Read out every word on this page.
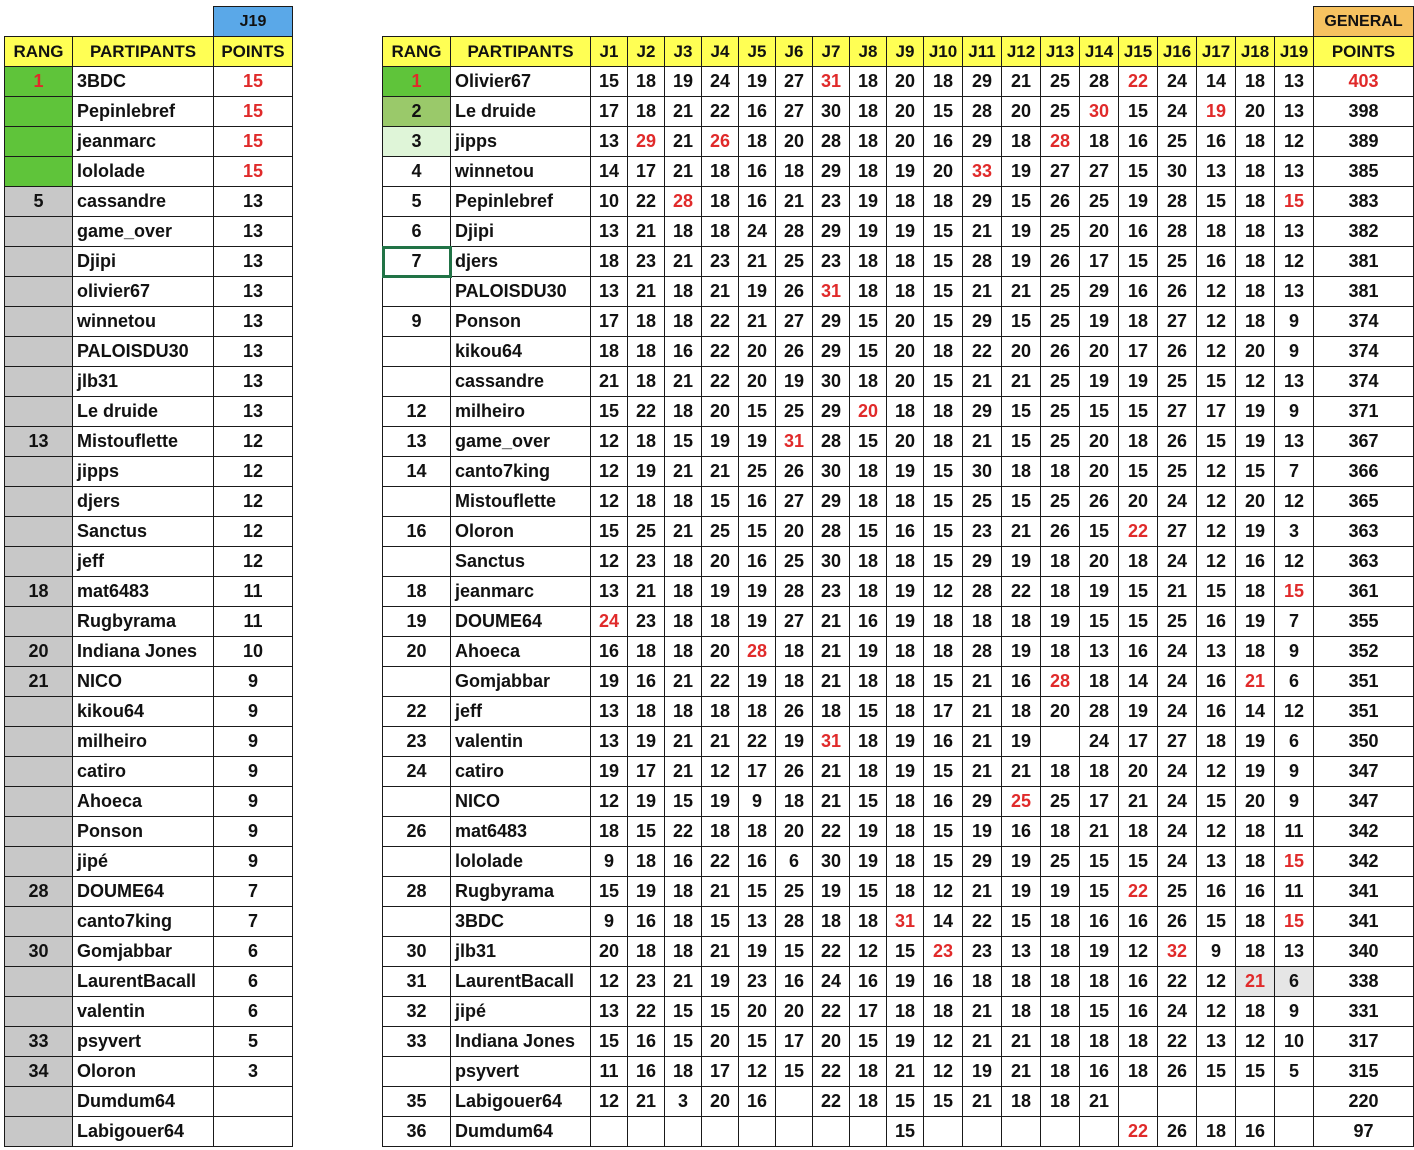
		J19
RANG	PARTIPANTS	POINTS
1	3BDC	15
	Pepinlebref	15
	jeanmarc	15
	lololade	15
5	cassandre	13
	game_over	13
	Djipi	13
	olivier67	13
	winnetou	13
	PALOISDU30	13
	jlb31	13
	Le druide	13
13	Mistouflette	12
	jipps	12
	djers	12
	Sanctus	12
	jeff	12
18	mat6483	11
	Rugbyrama	11
20	Indiana Jones	10
21	NICO	9
	kikou64	9
	milheiro	9
	catiro	9
	Ahoeca	9
	Ponson	9
	jipé	9
28	DOUME64	7
	canto7king	7
30	Gomjabbar	6
	LaurentBacall	6
	valentin	6
33	psyvert	5
34	Oloron	3
	Dumdum64	
	Labigouer64	
																					GENERAL
RANG	PARTIPANTS	J1	J2	J3	J4	J5	J6	J7	J8	J9	J10	J11	J12	J13	J14	J15	J16	J17	J18	J19	POINTS
1	Olivier67	15	18	19	24	19	27	31	18	20	18	29	21	25	28	22	24	14	18	13	403
2	Le druide	17	18	21	22	16	27	30	18	20	15	28	20	25	30	15	24	19	20	13	398
3	jipps	13	29	21	26	18	20	28	18	20	16	29	18	28	18	16	25	16	18	12	389
4	winnetou	14	17	21	18	16	18	29	18	19	20	33	19	27	27	15	30	13	18	13	385
5	Pepinlebref	10	22	28	18	16	21	23	19	18	18	29	15	26	25	19	28	15	18	15	383
6	Djipi	13	21	18	18	24	28	29	19	19	15	21	19	25	20	16	28	18	18	13	382
7	djers	18	23	21	23	21	25	23	18	18	15	28	19	26	17	15	25	16	18	12	381
	PALOISDU30	13	21	18	21	19	26	31	18	18	15	21	21	25	29	16	26	12	18	13	381
9	Ponson	17	18	18	22	21	27	29	15	20	15	29	15	25	19	18	27	12	18	9	374
	kikou64	18	18	16	22	20	26	29	15	20	18	22	20	26	20	17	26	12	20	9	374
	cassandre	21	18	21	22	20	19	30	18	20	15	21	21	25	19	19	25	15	12	13	374
12	milheiro	15	22	18	20	15	25	29	20	18	18	29	15	25	15	15	27	17	19	9	371
13	game_over	12	18	15	19	19	31	28	15	20	18	21	15	25	20	18	26	15	19	13	367
14	canto7king	12	19	21	21	25	26	30	18	19	15	30	18	18	20	15	25	12	15	7	366
	Mistouflette	12	18	18	15	16	27	29	18	18	15	25	15	25	26	20	24	12	20	12	365
16	Oloron	15	25	21	25	15	20	28	15	16	15	23	21	26	15	22	27	12	19	3	363
	Sanctus	12	23	18	20	16	25	30	18	18	15	29	19	18	20	18	24	12	16	12	363
18	jeanmarc	13	21	18	19	19	28	23	18	19	12	28	22	18	19	15	21	15	18	15	361
19	DOUME64	24	23	18	18	19	27	21	16	19	18	18	18	19	15	15	25	16	19	7	355
20	Ahoeca	16	18	18	20	28	18	21	19	18	18	28	19	18	13	16	24	13	18	9	352
	Gomjabbar	19	16	21	22	19	18	21	18	18	15	21	16	28	18	14	24	16	21	6	351
22	jeff	13	18	18	18	18	26	18	15	18	17	21	18	20	28	19	24	16	14	12	351
23	valentin	13	19	21	21	22	19	31	18	19	16	21	19		24	17	27	18	19	6	350
24	catiro	19	17	21	12	17	26	21	18	19	15	21	21	18	18	20	24	12	19	9	347
	NICO	12	19	15	19	9	18	21	15	18	16	29	25	25	17	21	24	15	20	9	347
26	mat6483	18	15	22	18	18	20	22	19	18	15	19	16	18	21	18	24	12	18	11	342
	lololade	9	18	16	22	16	6	30	19	18	15	29	19	25	15	15	24	13	18	15	342
28	Rugbyrama	15	19	18	21	15	25	19	15	18	12	21	19	19	15	22	25	16	16	11	341
	3BDC	9	16	18	15	13	28	18	18	31	14	22	15	18	16	16	26	15	18	15	341
30	jlb31	20	18	18	21	19	15	22	12	15	23	23	13	18	19	12	32	9	18	13	340
31	LaurentBacall	12	23	21	19	23	16	24	16	19	16	18	18	18	18	16	22	12	21	6	338
32	jipé	13	22	15	15	20	20	22	17	18	18	21	18	18	15	16	24	12	18	9	331
33	Indiana Jones	15	16	15	20	15	17	20	15	19	12	21	21	18	18	18	22	13	12	10	317
	psyvert	11	16	18	17	12	15	22	18	21	12	19	21	18	16	18	26	15	15	5	315
35	Labigouer64	12	21	3	20	16		22	18	15	15	21	18	18	21						220
36	Dumdum64									15						22	26	18	16		97
